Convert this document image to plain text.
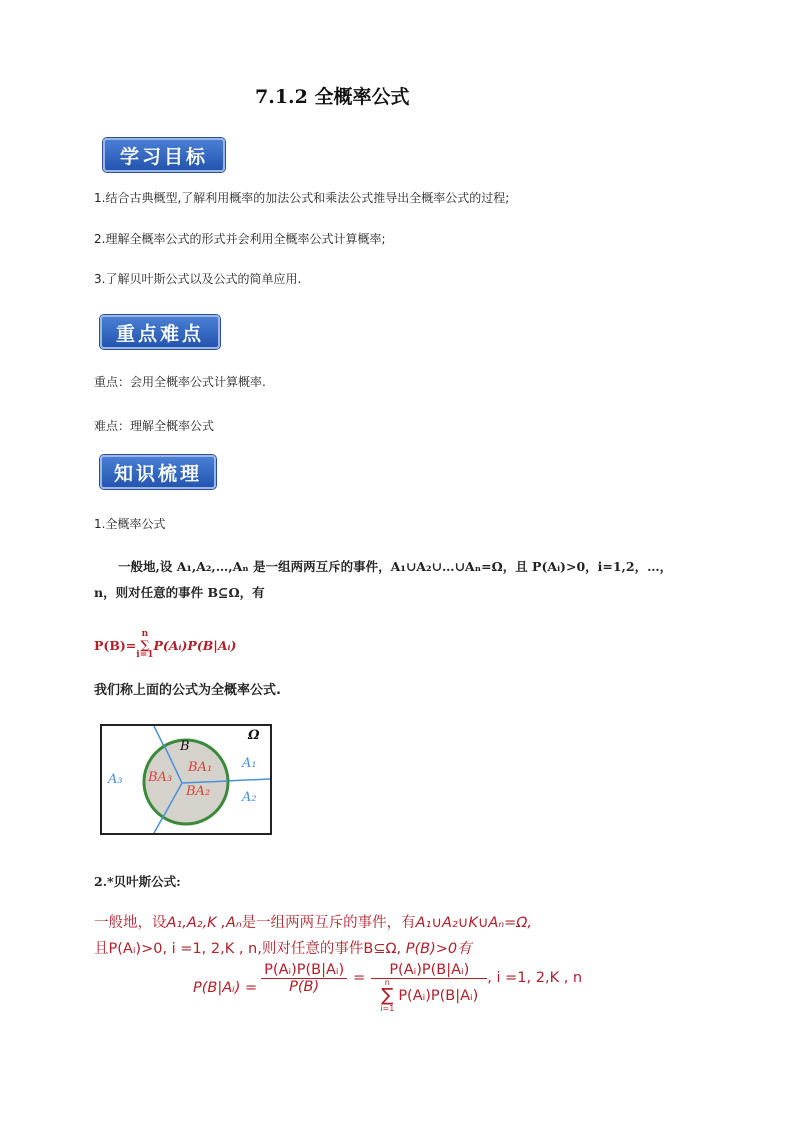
7.1.2 全概率公式
学习目标
1.结合古典概型,了解利用概率的加法公式和乘法公式推导出全概率公式的过程;
2.理解全概率公式的形式并会利用全概率公式计算概率;
3.了解贝叶斯公式以及公式的简单应用.
重点难点
重点：会用全概率公式计算概率.
难点：理解全概率公式
知识梳理
1.全概率公式
一般地,设 A₁,A₂,…,Aₙ 是一组两两互斥的事件，A₁∪A₂∪…∪Aₙ=Ω，且 P(Aᵢ)>0，i=1,2，…，
n，则对任意的事件 B⊆Ω，有
P(B)=
n
∑
i=1
P(Aᵢ)P(B|Aᵢ)
我们称上面的公式为全概率公式.
Ω
B
BA₁
BA₃
BA₂
A₁
A₂
A₃
2.*贝叶斯公式:
一般地，设A₁,A₂,K ,Aₙ是一组两两互斥的事件，有A₁∪A₂∪K∪Aₙ=Ω,
且P(Aᵢ)>0, i =1, 2,K , n,则对任意的事件B⊆Ω, P(B)>0有
P(B|Aᵢ) = $\frac{\text{P(Aᵢ)P(B|Aᵢ)}}{P(B)}$ = P(Aᵢ)P(B|Aᵢ)
n
∑
i=1
P(Aᵢ)P(B|Aᵢ) , i =1, 2,K , n
